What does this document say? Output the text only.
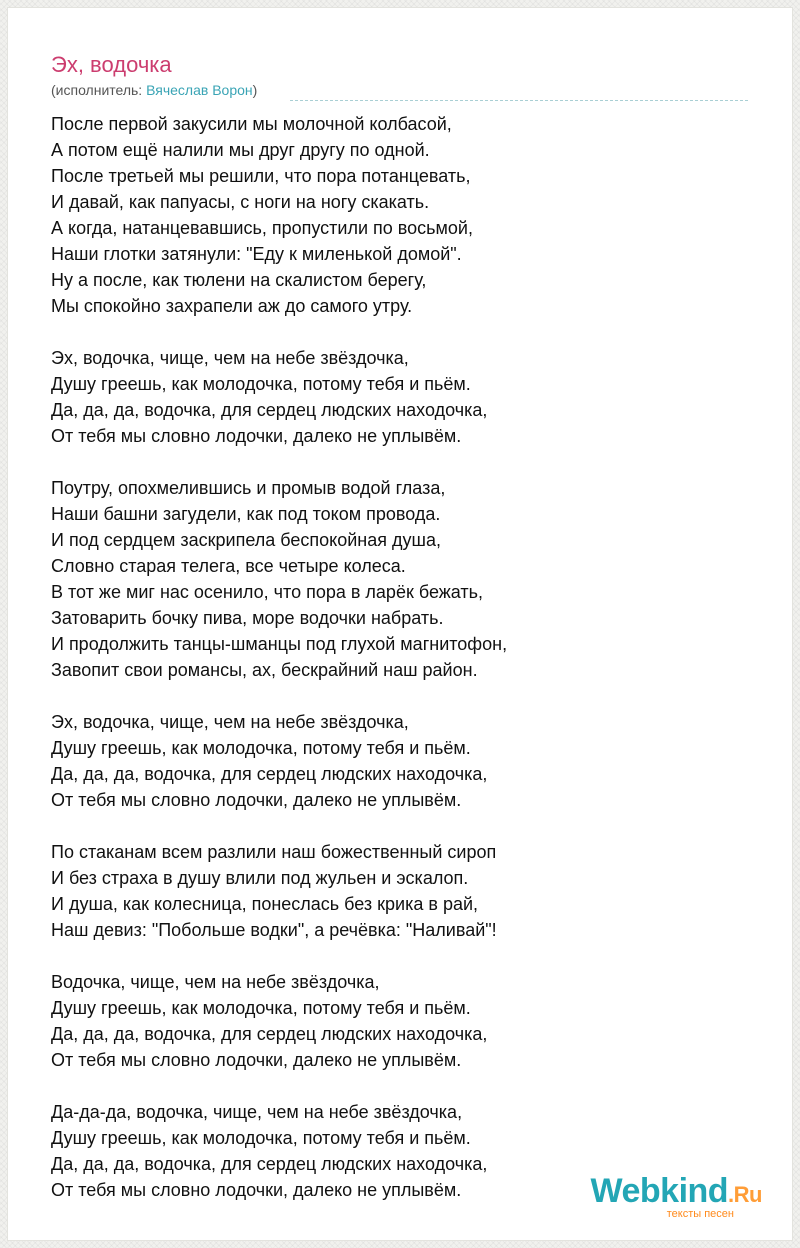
Эх, водочка
(исполнитель: Вячеслав Ворон)
После первой закусили мы молочной колбасой,
А потом ещё налили мы друг другу по одной.
После третьей мы решили, что пора потанцевать,
И давай, как папуасы, с ноги на ногу скакать.
А когда, натанцевавшись, пропустили по восьмой,
Наши глотки затянули: "Еду к миленькой домой".
Ну а после, как тюлени на скалистом берегу,
Мы спокойно захрапели аж до самого утру.
Эх, водочка, чище, чем на небе звёздочка,
Душу греешь, как молодочка, потому тебя и пьём.
Да, да, да, водочка, для сердец людских находочка,
От тебя мы словно лодочки, далеко не уплывём.
Поутру, опохмелившись и промыв водой глаза,
Наши башни загудели, как под током провода.
И под сердцем заскрипела беспокойная душа,
Словно старая телега, все четыре колеса.
В тот же миг нас осенило, что пора в ларёк бежать,
Затоварить бочку пива, море водочки набрать.
И продолжить танцы-шманцы под глухой магнитофон,
Завопит свои романсы, ах, бескрайний наш район.
Эх, водочка, чище, чем на небе звёздочка,
Душу греешь, как молодочка, потому тебя и пьём.
Да, да, да, водочка, для сердец людских находочка,
От тебя мы словно лодочки, далеко не уплывём.
По стаканам всем разлили наш божественный сироп
И без страха в душу влили под жульен и эскалоп.
И душа, как колесница, понеслась без крика в рай,
Наш девиз: "Побольше водки", а речёвка: "Наливай"!
Водочка, чище, чем на небе звёздочка,
Душу греешь, как молодочка, потому тебя и пьём.
Да, да, да, водочка, для сердец людских находочка,
От тебя мы словно лодочки, далеко не уплывём.
Да-да-да, водочка, чище, чем на небе звёздочка,
Душу греешь, как молодочка, потому тебя и пьём.
Да, да, да, водочка, для сердец людских находочка,
От тебя мы словно лодочки, далеко не уплывём.	Webkind.Ru
тексты песен
